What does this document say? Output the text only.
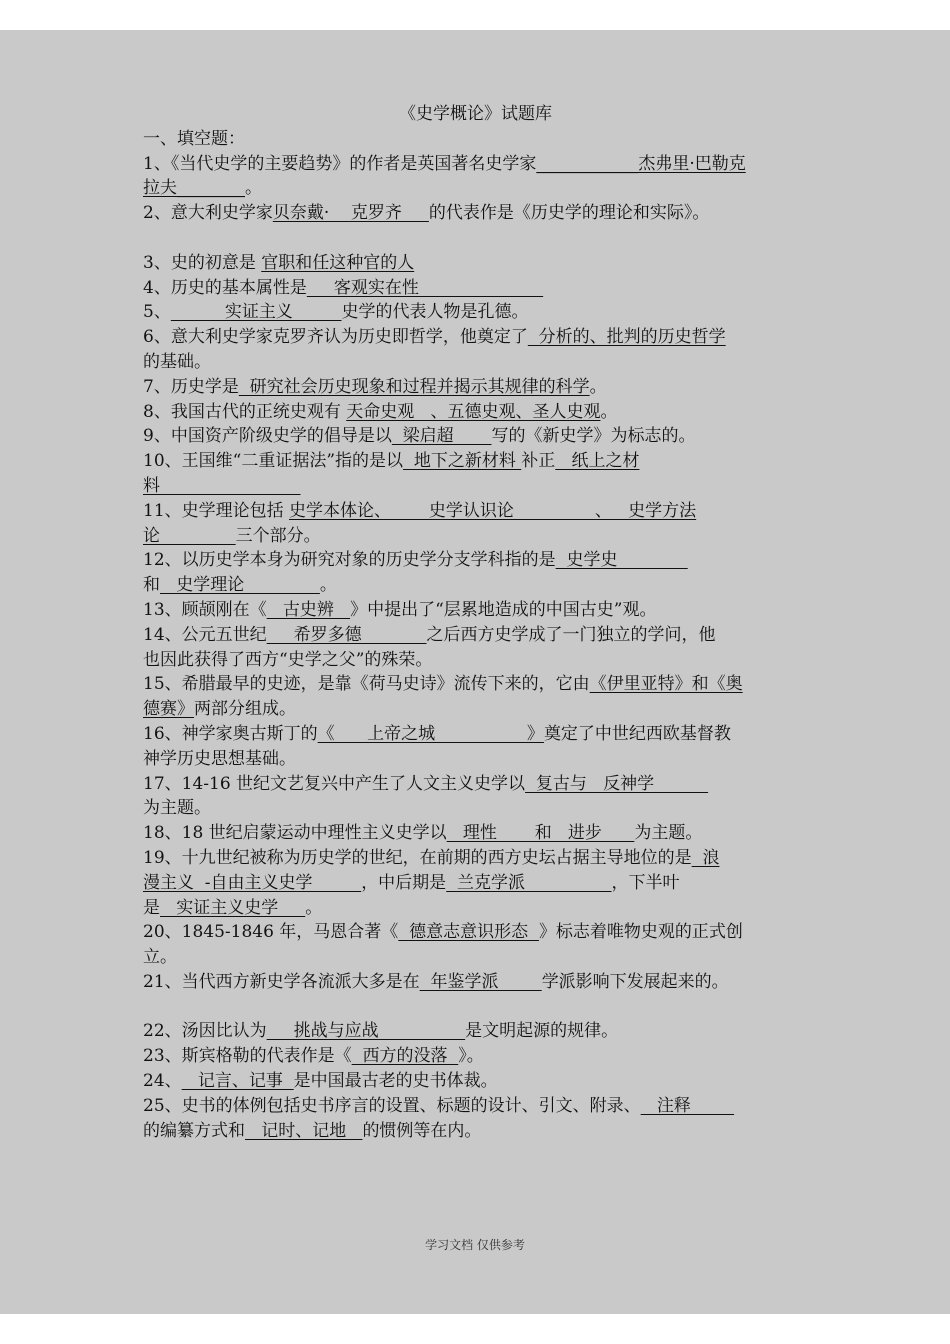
《史学概论》试题库
一、填空题：
1、《当代史学的主要趋势》的作者是英国著名史学家____________杰弗里·巴勒克
拉夫________。
2、意大利史学家贝奈戴·    克罗齐     的代表作是《历史学的理论和实际》。
3、史的初意是 官职和任这种官的人
4、历史的基本属性是     客观实在性
5、          实证主义         史学的代表人物是孔德。
6、意大利史学家克罗齐认为历史即哲学，他奠定了  分析的、批判的历史哲学
的基础。
7、历史学是  研究社会历史现象和过程并揭示其规律的科学。
8、我国古代的正统史观有 天命史观   、五德史观、圣人史观。
9、中国资产阶级史学的倡导是以  梁启超       写的《新史学》为标志的。
10、王国维“二重证据法”指的是以  地下之新材料 补正   纸上之材
料
11、史学理论包括 史学本体论、       史学认识论               、   史学方法
论              三个部分。
12、以历史学本身为研究对象的历史学分支学科指的是  史学史
和   史学理论              。
13、顾颉刚在《   古史辨   》中提出了“层累地造成的中国古史”观。
14、公元五世纪     希罗多德            之后西方史学成了一门独立的学问，他
也因此获得了西方“史学之父”的殊荣。
15、希腊最早的史迹，是靠《荷马史诗》流传下来的，它由《伊里亚特》和《奥
德赛》两部分组成。
16、神学家奥古斯丁的《      上帝之城                 》奠定了中世纪西欧基督教
神学历史思想基础。
17、14-16 世纪文艺复兴中产生了人文主义史学以  复古与   反神学
为主题。
18、18 世纪启蒙运动中理性主义史学以   理性       和   进步      为主题。
19、十九世纪被称为历史学的世纪，在前期的西方史坛占据主导地位的是  浪
漫主义  -自由主义史学         ，中后期是  兰克学派                ，下半叶
是   实证主义史学     。
20、1845-1846 年，马恩合著《  德意志意识形态  》标志着唯物史观的正式创
立。
21、当代西方新史学各流派大多是在  年鉴学派        学派影响下发展起来的。
22、汤因比认为     挑战与应战                是文明起源的规律。
23、斯宾格勒的代表作是《  西方的没落  》。
24、   记言、记事  是中国最古老的史书体裁。
25、史书的体例包括史书序言的设置、标题的设计、引文、附录、   注释
的编纂方式和   记时、记地   的惯例等在内。
学习文档 仅供参考
